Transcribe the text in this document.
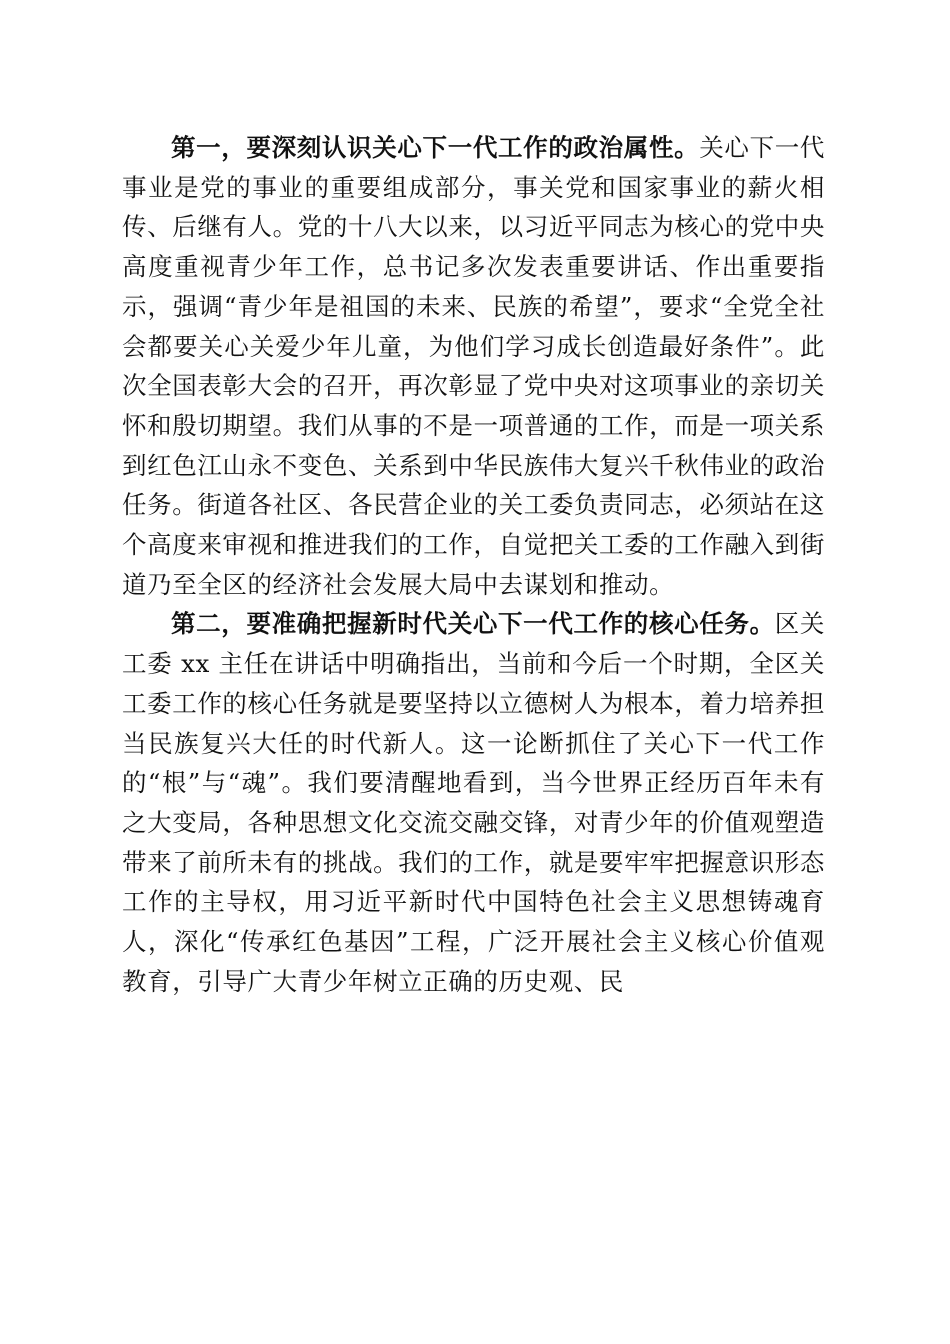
第一，要深刻认识关心下一代工作的政治属性。关心下一代事业是党的事业的重要组成部分，事关党和国家事业的薪火相传、后继有人。党的十八大以来，以习近平同志为核心的党中央高度重视青少年工作，总书记多次发表重要讲话、作出重要指示，强调“青少年是祖国的未来、民族的希望”，要求“全党全社会都要关心关爱少年儿童，为他们学习成长创造最好条件”。此次全国表彰大会的召开，再次彰显了党中央对这项事业的亲切关怀和殷切期望。我们从事的不是一项普通的工作，而是一项关系到红色江山永不变色、关系到中华民族伟大复兴千秋伟业的政治任务。街道各社区、各民营企业的关工委负责同志，必须站在这个高度来审视和推进我们的工作，自觉把关工委的工作融入到街道乃至全区的经济社会发展大局中去谋划和推动。

第二，要准确把握新时代关心下一代工作的核心任务。区关工委 xx 主任在讲话中明确指出，当前和今后一个时期，全区关工委工作的核心任务就是要坚持以立德树人为根本，着力培养担当民族复兴大任的时代新人。这一论断抓住了关心下一代工作的“根”与“魂”。我们要清醒地看到，当今世界正经历百年未有之大变局，各种思想文化交流交融交锋，对青少年的价值观塑造带来了前所未有的挑战。我们的工作，就是要牢牢把握意识形态工作的主导权，用习近平新时代中国特色社会主义思想铸魂育人，深化“传承红色基因”工程，广泛开展社会主义核心价值观教育，引导广大青少年树立正确的历史观、民
